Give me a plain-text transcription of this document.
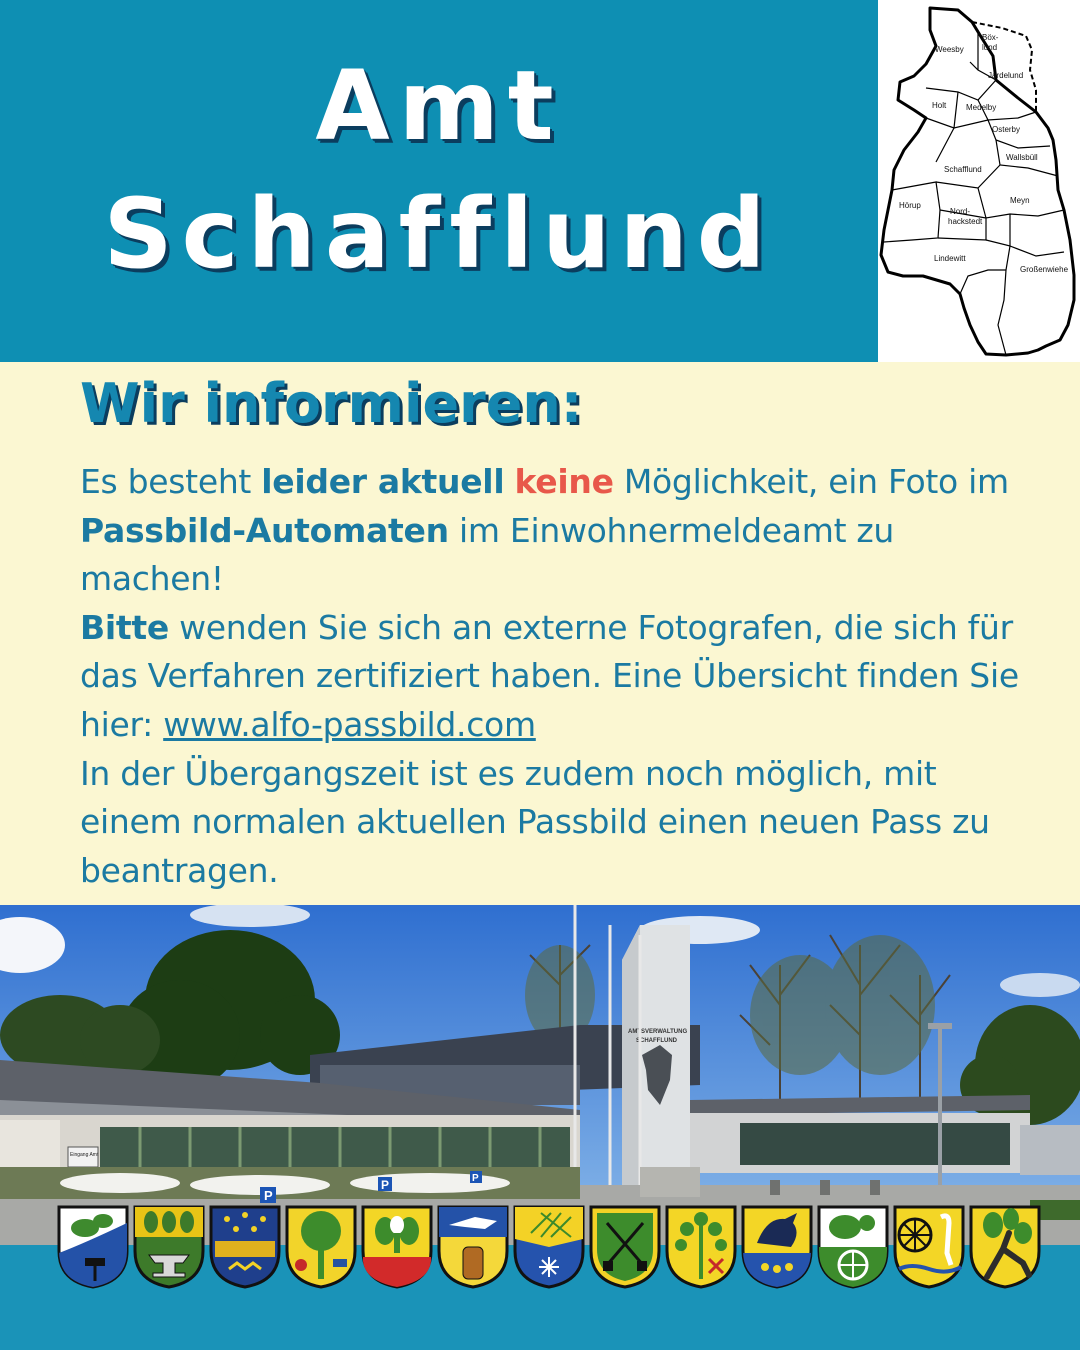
Amt
Schafflund
Weesby
Böx-
lund
Jardelund
Holt Medelby
Osterby
Wallsbüll
Schafflund
Hörup
Nord-
hackstedt
Meyn
Lindewitt
Großenwiehe
Wir informieren:
Es besteht leider aktuell keine Möglichkeit, ein Foto im Passbild-Automaten im Einwohnermeldeamt zu machen!
Bitte wenden Sie sich an externe Fotografen, die sich für das Verfahren zertifiziert haben. Eine Übersicht finden Sie hier: www.alfo-passbild.com
In der Übergangszeit ist es zudem noch möglich, mit einem normalen aktuellen Passbild einen neuen Pass zu beantragen.
Eingang Amt
AMTSVERWALTUNG
SCHAFFLUND
P
P	P
